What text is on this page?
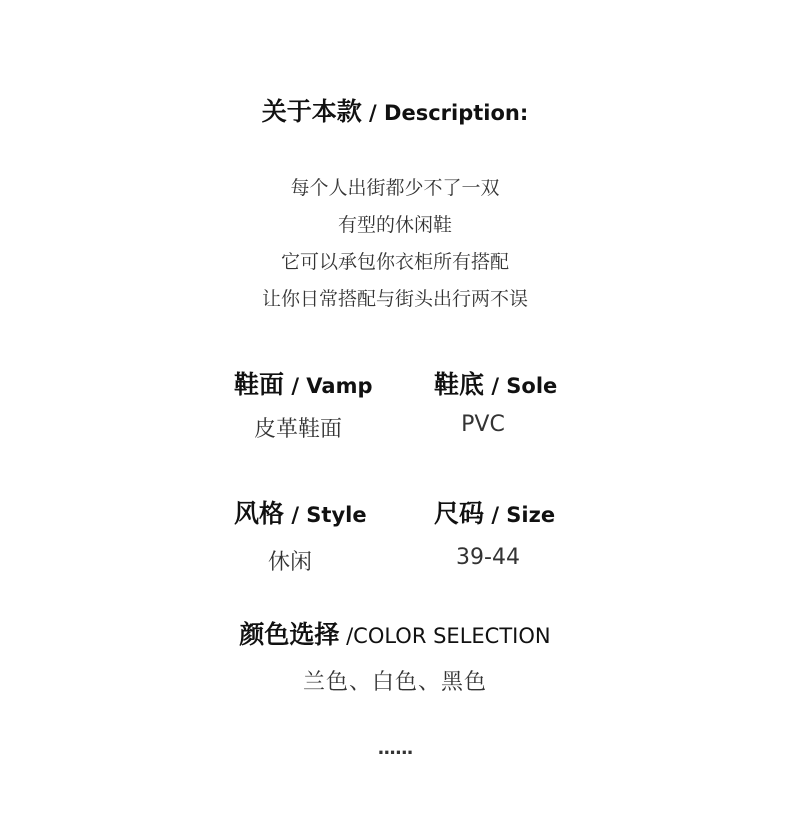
关于本款 / Description:
每个人出街都少不了一双
有型的休闲鞋
它可以承包你衣柜所有搭配
让你日常搭配与街头出行两不误
鞋面 / Vamp
皮革鞋面
鞋底 / Sole
PVC
风格 / Style
休闲
尺码 / Size
39-44
颜色选择 /COLOR SELECTION
兰色、白色、黑色
......
